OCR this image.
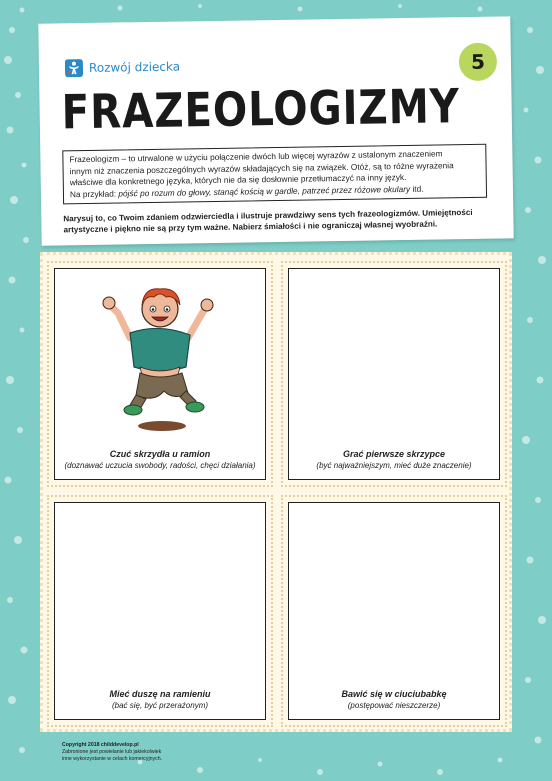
Rozwój dziecka	5
FRAZEOLOGIZMY

Frazeologizm – to utrwalone w użyciu połączenie dwóch lub więcej wyrazów z ustalonym znaczeniem

innym niż znaczenia poszczególnych wyrazów składających się na związek. Otóż, są to różne wyrażenia

właściwe dla konkretnego języka, których nie da się dosłownie przetłumaczyć na inny język.

Na przykład: pójść po rozum do głowy, stanąć kością w gardle, patrzeć przez różowe okulary itd.

Narysuj to, co Twoim zdaniem odzwierciedla i ilustruje prawdziwy sens tych frazeologizmów. Umiejętności
artystyczne i piękno nie są przy tym ważne. Nabierz śmiałości i nie ograniczaj własnej wyobraźni.
Czuć skrzydła u ramion
(doznawać uczucia swobody, radości, chęci działania)
Grać pierwsze skrzypce
(być najważniejszym, mieć duże znaczenie)
Mieć duszę na ramieniu
(bać się, być przerażonym)
Bawić się w ciuciubabkę
(postępować nieszczerze)
Copyright 2018 childdevelop.pl
Zabronione jest powielanie lub jakiekolwiek
inne wykorzystanie w celach komercyjnych.
